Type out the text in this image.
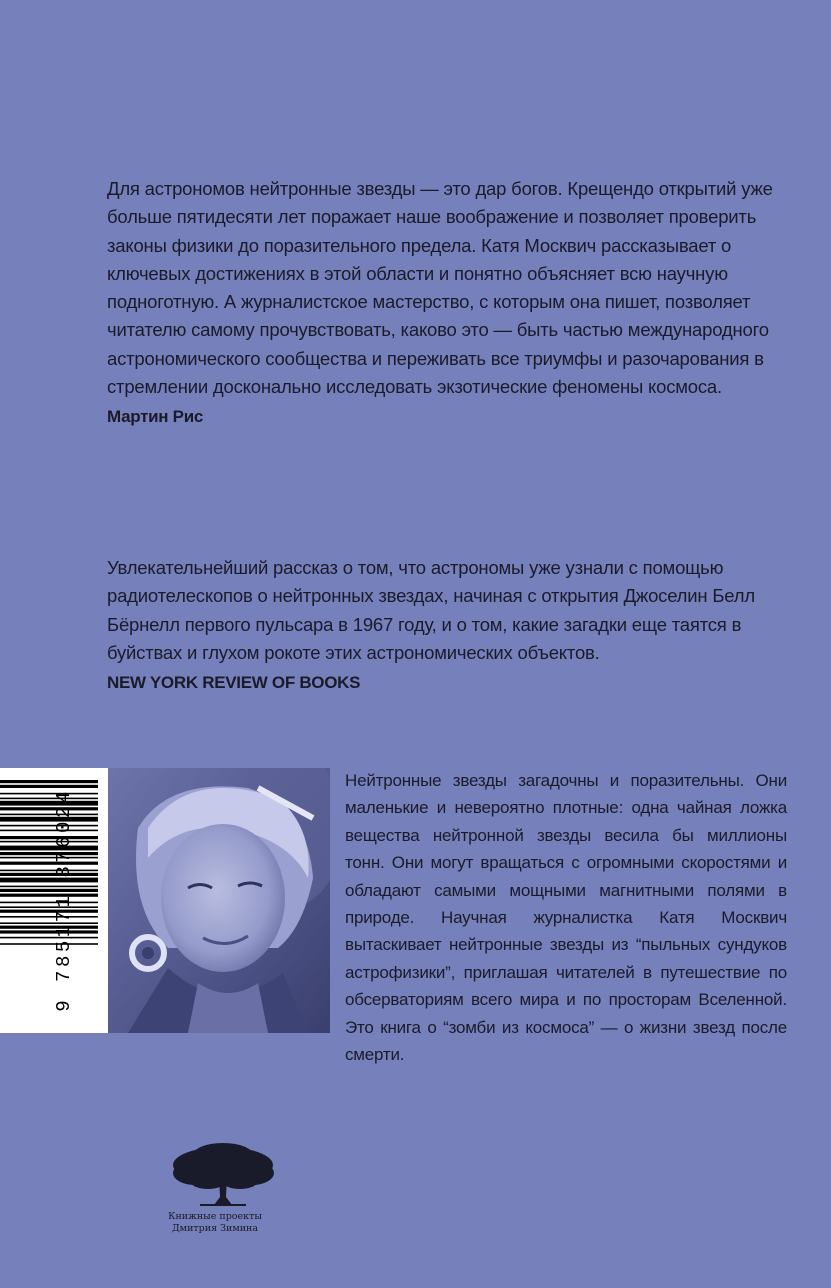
Для астрономов нейтронные звезды — это дар богов. Крещендо открытий уже больше пятидесяти лет поражает наше воображение и позволяет проверить законы физики до поразительного предела. Катя Москвич рассказывает о ключевых достижениях в этой области и понятно объясняет всю научную подноготную. А журналистское мастерство, с которым она пишет, позволяет читателю самому прочувствовать, каково это — быть частью международного астрономического сообщества и переживать все триумфы и разочарования в стремлении досконально исследовать экзотические феномены космоса.

Мартин Рис

Увлекательнейший рассказ о том, что астрономы уже узнали с помощью радиотелескопов о нейтронных звездах, начиная с открытия Джоселин Белл Бёрнелл первого пульсара в 1967 году, и о том, какие загадки еще таятся в буйствах и глухом рокоте этих астрономических объектов.

NEW YORK REVIEW OF BOOKS
9 785171 376024

Нейтронные звезды загадочны и поразительны. Они маленькие и невероятно плотные: одна чайная ложка вещества нейтронной звезды весила бы миллионы тонн. Они могут вращаться с огромными скоростями и обладают самыми мощными магнитными полями в природе. Научная журналистка Катя Москвич вытаскивает нейтронные звезды из “пыльных сундуков астрофизики”, приглашая читателей в путешествие по обсерваториям всего мира и по просторам Вселенной. Это книга о “зомби из космоса” — о жизни звезд после смерти.

Книжные проекты
Дмитрия Зимина
